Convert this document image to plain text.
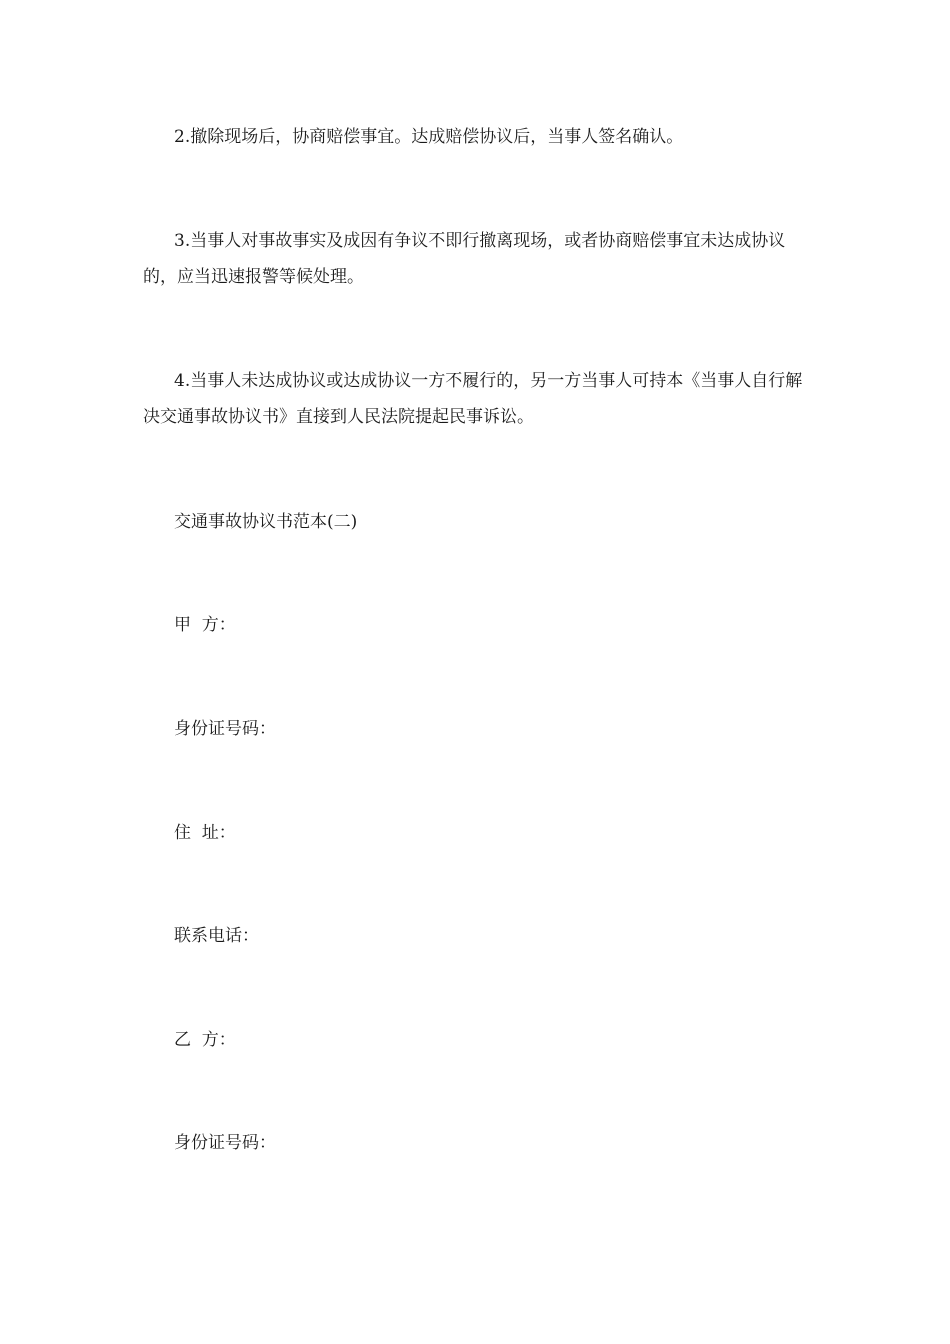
2.撤除现场后，协商赔偿事宜。达成赔偿协议后，当事人签名确认。

3.当事人对事故事实及成因有争议不即行撤离现场，或者协商赔偿事宜未达成协议的，应当迅速报警等候处理。

4.当事人未达成协议或达成协议一方不履行的，另一方当事人可持本《当事人自行解决交通事故协议书》直接到人民法院提起民事诉讼。

交通事故协议书范本(二)

甲  方：

身份证号码：

住  址：

联系电话：

乙  方：

身份证号码：
